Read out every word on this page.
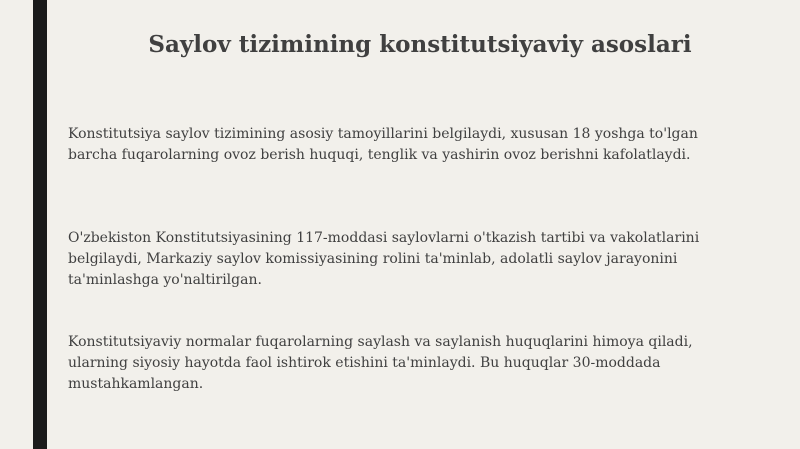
Saylov tizimining konstitutsiyaviy asoslari

Konstitutsiya saylov tizimining asosiy tamoyillarini belgilaydi, xususan 18 yoshga to'lgan barcha fuqarolarning ovoz berish huquqi, tenglik va yashirin ovoz berishni kafolatlaydi.

O'zbekiston Konstitutsiyasining 117-moddasi saylovlarni o'tkazish tartibi va vakolatlarini belgilaydi, Markaziy saylov komissiyasining rolini ta'minlab, adolatli saylov jarayonini ta'minlashga yo'naltirilgan.

Konstitutsiyaviy normalar fuqarolarning saylash va saylanish huquqlarini himoya qiladi, ularning siyosiy hayotda faol ishtirok etishini ta'minlaydi. Bu huquqlar 30-moddada mustahkamlangan.
